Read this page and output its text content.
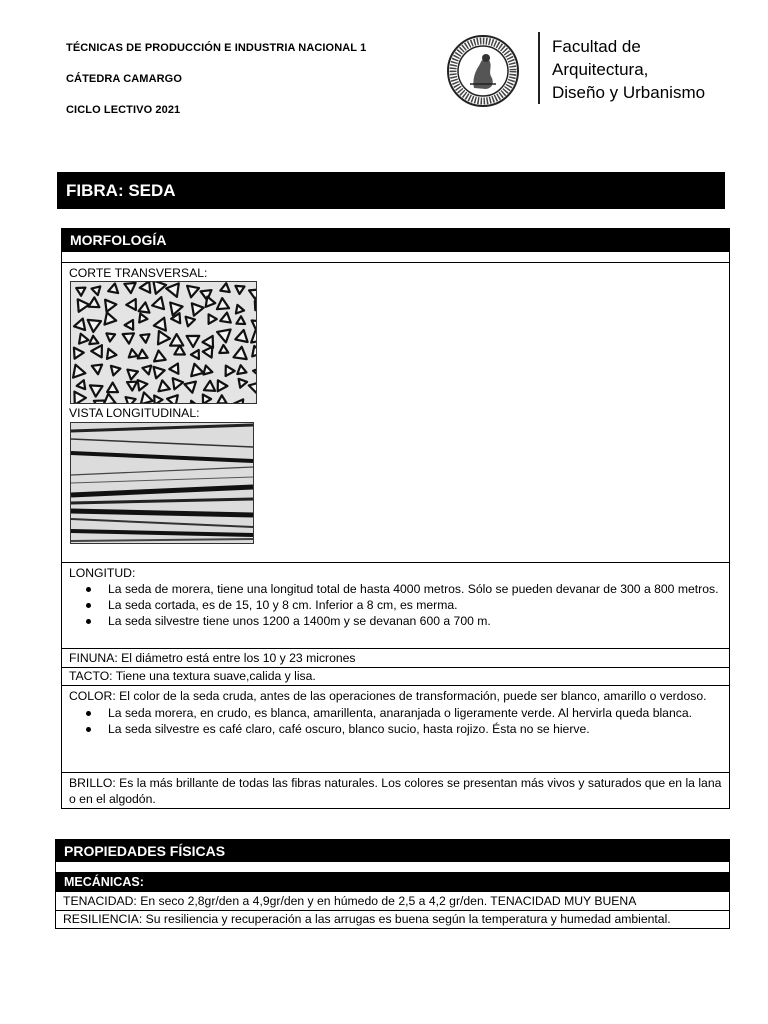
TÉCNICAS DE PRODUCCIÓN E INDUSTRIA NACIONAL 1
CÁTEDRA CAMARGO
CICLO LECTIVO 2021
Facultad de
Arquitectura,
Diseño y Urbanismo
FIBRA: SEDA
MORFOLOGÍA
CORTE TRANSVERSAL:
VISTA LONGITUDINAL:
LONGITUD:
La seda de morera, tiene una longitud total de hasta 4000 metros. Sólo se pueden devanar de 300 a 800 metros.
La seda cortada, es de 15, 10 y 8 cm. Inferior a 8 cm, es merma.
La seda silvestre tiene unos 1200 a 1400m y se devanan 600 a 700 m.
FINUNA: El diámetro está entre los 10 y 23 micrones
TACTO: Tiene una textura suave,calida y lisa.
COLOR: El color de la seda cruda, antes de las operaciones de transformación, puede ser blanco, amarillo o verdoso.
La seda morera, en crudo, es blanca, amarillenta, anaranjada o ligeramente verde. Al hervirla queda blanca.
La seda silvestre es café claro, café oscuro, blanco sucio, hasta rojizo. Ésta no se hierve.
BRILLO: Es la más brillante de todas las fibras naturales. Los colores se presentan más vivos y saturados que en la lana o en el algodón.
PROPIEDADES FÍSICAS
MECÁNICAS:
TENACIDAD: En seco 2,8gr/den a 4,9gr/den y en húmedo de 2,5 a 4,2 gr/den. TENACIDAD MUY BUENA
RESILIENCIA: Su resiliencia y recuperación a las arrugas es buena según la temperatura y humedad ambiental.
